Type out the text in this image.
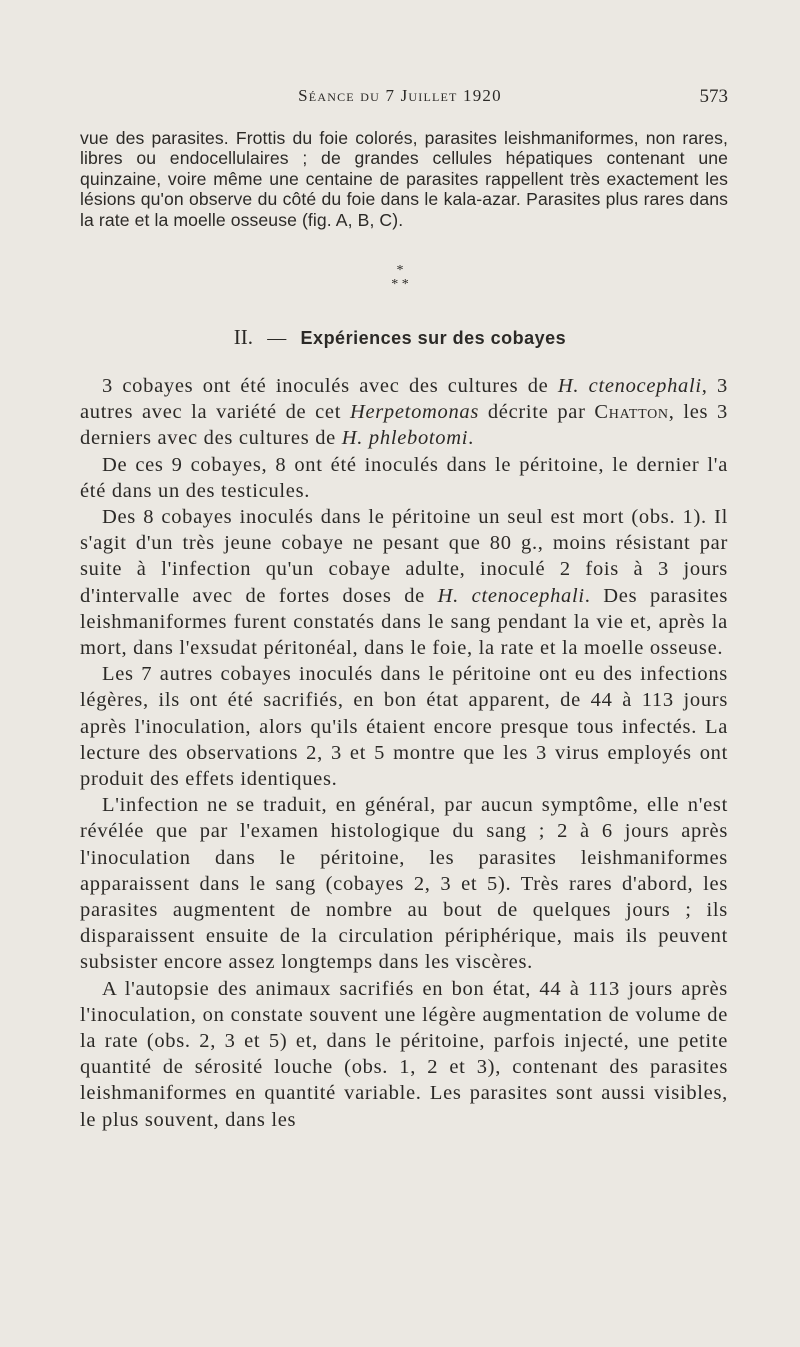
Séance du 7 Juillet 1920	573

vue des parasites. Frottis du foie colorés, parasites leishmaniformes, non rares, libres ou endocellulaires ; de grandes cellules hépatiques contenant une quinzaine, voire même une centaine de parasites rappellent très exactement les lésions qu'on observe du côté du foie dans le kala-azar. Parasites plus rares dans la rate et la moelle osseuse (fig. A, B, C).

*
* *
II. — Expériences sur des cobayes

3 cobayes ont été inoculés avec des cultures de H. ctenocephali, 3 autres avec la variété de cet Herpetomonas décrite par Chatton, les 3 derniers avec des cultures de H. phlebotomi.

De ces 9 cobayes, 8 ont été inoculés dans le péritoine, le dernier l'a été dans un des testicules.

Des 8 cobayes inoculés dans le péritoine un seul est mort (obs. 1). Il s'agit d'un très jeune cobaye ne pesant que 80 g., moins résistant par suite à l'infection qu'un cobaye adulte, inoculé 2 fois à 3 jours d'intervalle avec de fortes doses de H. ctenocephali. Des parasites leishmaniformes furent constatés dans le sang pendant la vie et, après la mort, dans l'exsudat péritonéal, dans le foie, la rate et la moelle osseuse.

Les 7 autres cobayes inoculés dans le péritoine ont eu des infections légères, ils ont été sacrifiés, en bon état apparent, de 44 à 113 jours après l'inoculation, alors qu'ils étaient encore presque tous infectés. La lecture des observations 2, 3 et 5 montre que les 3 virus employés ont produit des effets identiques.

L'infection ne se traduit, en général, par aucun symptôme, elle n'est révélée que par l'examen histologique du sang ; 2 à 6 jours après l'inoculation dans le péritoine, les parasites leishmaniformes apparaissent dans le sang (cobayes 2, 3 et 5). Très rares d'abord, les parasites augmentent de nombre au bout de quelques jours ; ils disparaissent ensuite de la circulation périphérique, mais ils peuvent subsister encore assez longtemps dans les viscères.

A l'autopsie des animaux sacrifiés en bon état, 44 à 113 jours après l'inoculation, on constate souvent une légère augmentation de volume de la rate (obs. 2, 3 et 5) et, dans le péritoine, parfois injecté, une petite quantité de sérosité louche (obs. 1, 2 et 3), contenant des parasites leishmaniformes en quantité variable. Les parasites sont aussi visibles, le plus souvent, dans les
